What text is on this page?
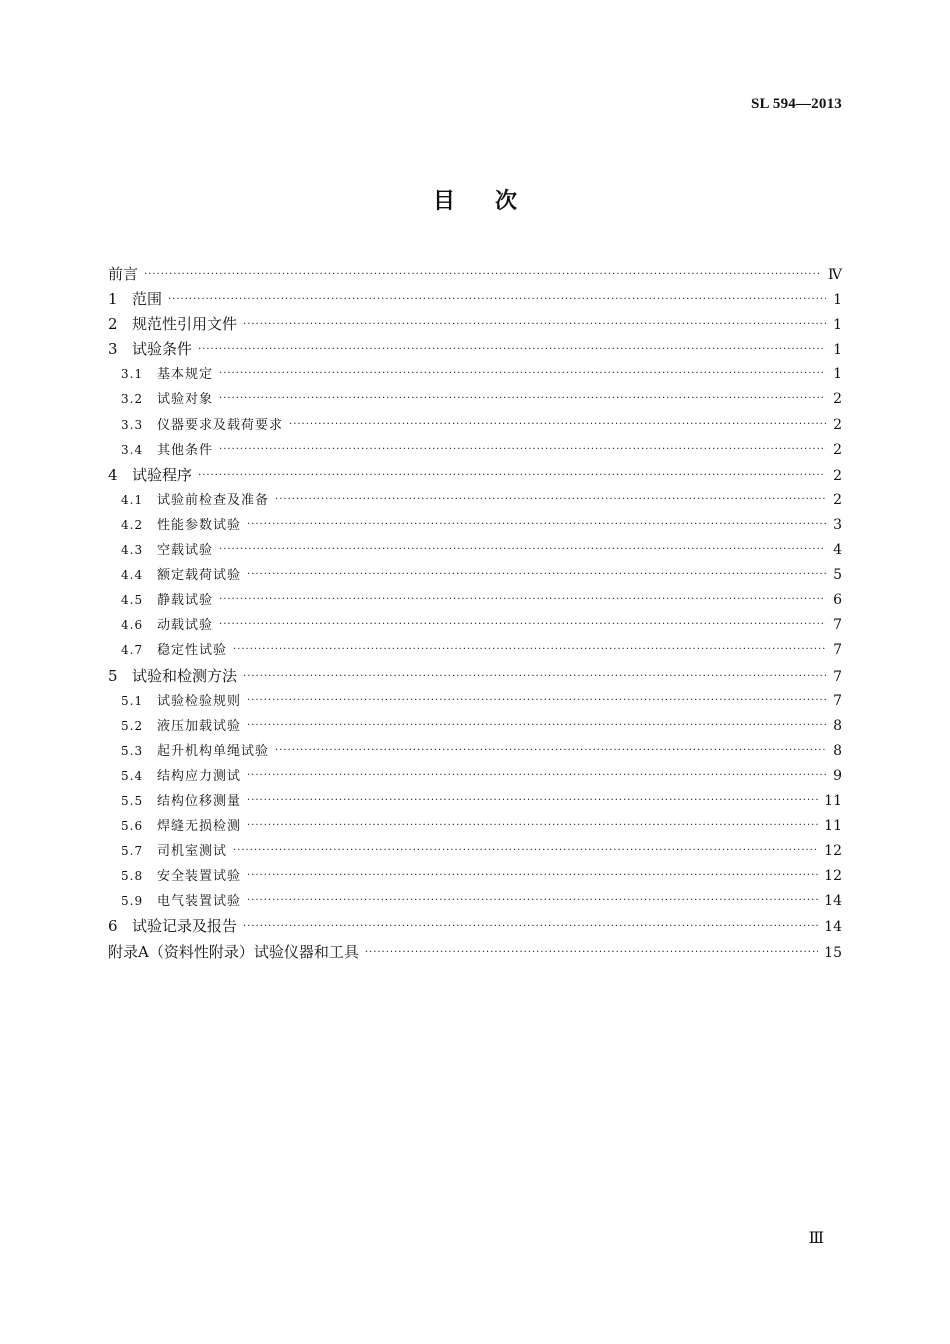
SL 594—2013
目次
前言 ·····	Ⅳ
1 范围 ·····	1
2 规范性引用文件 ·····	1
3 试验条件 ·····	1
3.1	基本规定 ·····	1
3.2	试验对象 ·····	2
3.3	仪器要求及载荷要求 ·····	2
3.4	其他条件 ·····	2
4 试验程序 ·····	2
4.1	试验前检查及准备 ·····	2
4.2	性能参数试验 ·····	3
4.3	空载试验 ·····	4
4.4	额定载荷试验 ·····	5
4.5	静载试验 ·····	6
4.6	动载试验 ·····	7
4.7	稳定性试验 ·····	7
5 试验和检测方法 ·····	7
5.1	试验检验规则 ·····	7
5.2	液压加载试验 ·····	8
5.3	起升机构单绳试验 ·····	8
5.4	结构应力测试 ·····	9
5.5	结构位移测量 ·····	11
5.6	焊缝无损检测 ·····	11
5.7	司机室测试 ·····	12
5.8	安全装置试验 ·····	12
5.9	电气装置试验 ·····	14
6 试验记录及报告 ·····	14
附录A（资料性附录）试验仪器和工具 ·····	15
Ⅲ
